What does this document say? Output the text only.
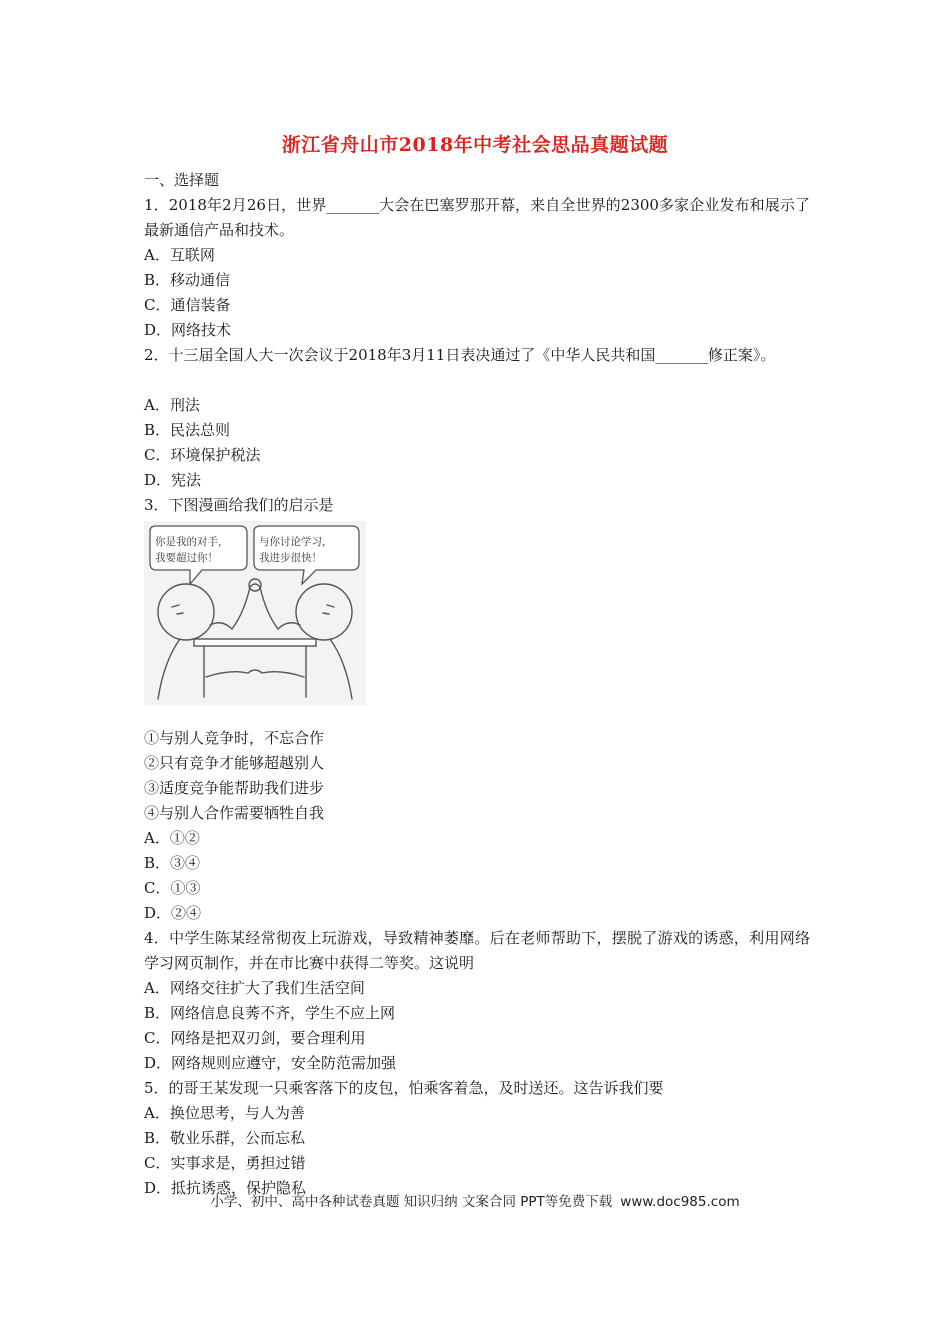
浙江省舟山市2018年中考社会思品真题试题
一、选择题
1．2018年2月26日，世界_______大会在巴塞罗那开幕，来自全世界的2300多家企业发布和展示了最新通信产品和技术。
A．互联网
B．移动通信
C．通信装备
D．网络技术
2．十三届全国人大一次会议于2018年3月11日表决通过了《中华人民共和国_______修正案》。
A．刑法
B．民法总则
C．环境保护税法
D．宪法
3．下图漫画给我们的启示是
你是我的对手，
我要超过你！
与你讨论学习，
我进步很快！
①与别人竞争时，不忘合作
②只有竞争才能够超越别人
③适度竞争能帮助我们进步
④与别人合作需要牺牲自我
A．①②
B．③④
C．①③
D．②④
4．中学生陈某经常彻夜上玩游戏，导致精神萎靡。后在老师帮助下，摆脱了游戏的诱惑，利用网络学习网页制作，并在市比赛中获得二等奖。这说明
A．网络交往扩大了我们生活空间
B．网络信息良莠不齐，学生不应上网
C．网络是把双刃剑，要合理利用
D．网络规则应遵守，安全防范需加强
5．的哥王某发现一只乘客落下的皮包，怕乘客着急，及时送还。这告诉我们要
A．换位思考，与人为善
B．敬业乐群，公而忘私
C．实事求是，勇担过错
D．抵抗诱惑，保护隐私
小学、初中、高中各种试卷真题 知识归纳 文案合同 PPT等免费下载 www.doc985.com
